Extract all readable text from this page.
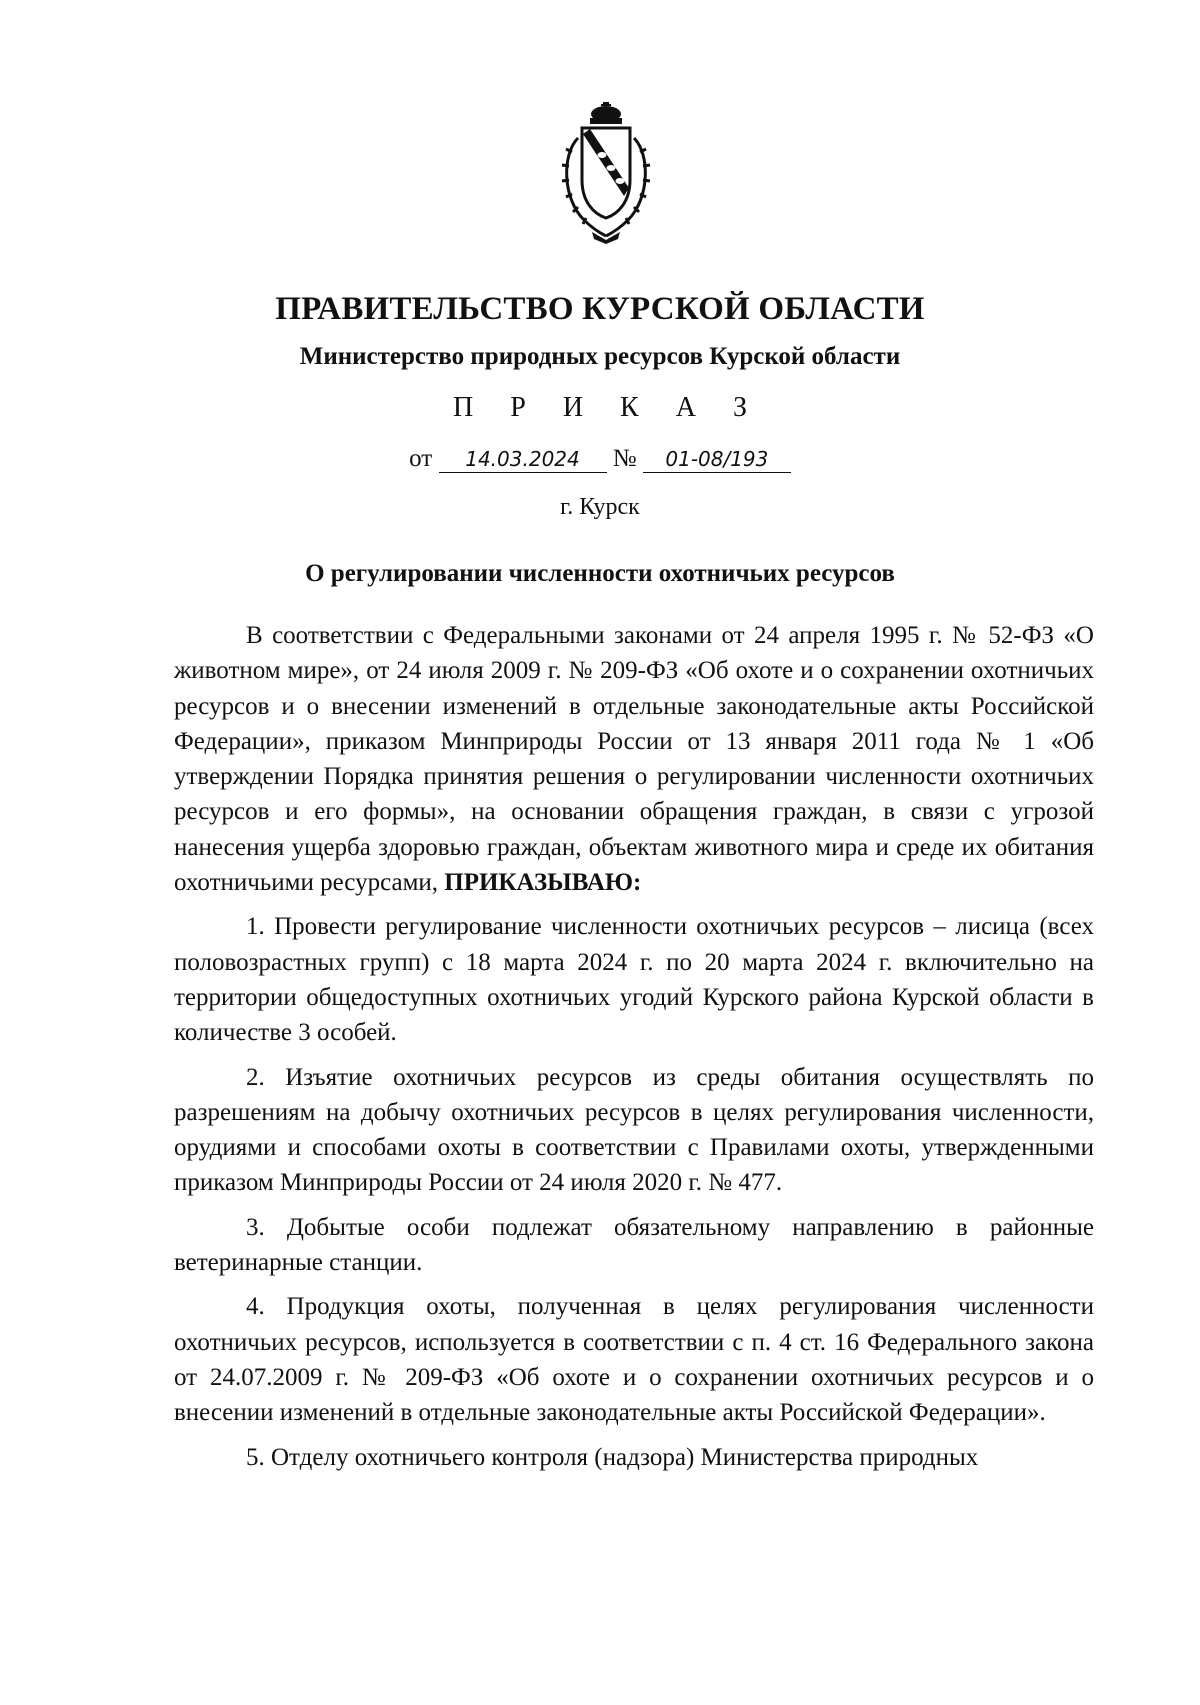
ПРАВИТЕЛЬСТВО КУРСКОЙ ОБЛАСТИ
Министерство природных ресурсов Курской области
П Р И К А З
от 14.03.2024 № 01-08/193
г. Курск
О регулировании численности охотничьих ресурсов

В соответствии с Федеральными законами от 24 апреля 1995 г. № 52-ФЗ «О животном мире», от 24 июля 2009 г. № 209-ФЗ «Об охоте и о сохранении охотничьих ресурсов и о внесении изменений в отдельные законодательные акты Российской Федерации», приказом Минприроды России от 13 января 2011 года № 1 «Об утверждении Порядка принятия решения о регулировании численности охотничьих ресурсов и его формы», на основании обращения граждан, в связи с угрозой нанесения ущерба здоровью граждан, объектам животного мира и среде их обитания охотничьими ресурсами, ПРИКАЗЫВАЮ:

1. Провести регулирование численности охотничьих ресурсов – лисица (всех половозрастных групп) с 18 марта 2024 г. по 20 марта 2024 г. включительно на территории общедоступных охотничьих угодий Курского района Курской области в количестве 3 особей.

2. Изъятие охотничьих ресурсов из среды обитания осуществлять по разрешениям на добычу охотничьих ресурсов в целях регулирования численности, орудиями и способами охоты в соответствии с Правилами охоты, утвержденными приказом Минприроды России от 24 июля 2020 г. № 477.

3. Добытые особи подлежат обязательному направлению в районные ветеринарные станции.

4. Продукция охоты, полученная в целях регулирования численности охотничьих ресурсов, используется в соответствии с п. 4 ст. 16 Федерального закона от 24.07.2009 г. № 209-ФЗ «Об охоте и о сохранении охотничьих ресурсов и о внесении изменений в отдельные законодательные акты Российской Федерации».

5. Отделу охотничьего контроля (надзора) Министерства природных
